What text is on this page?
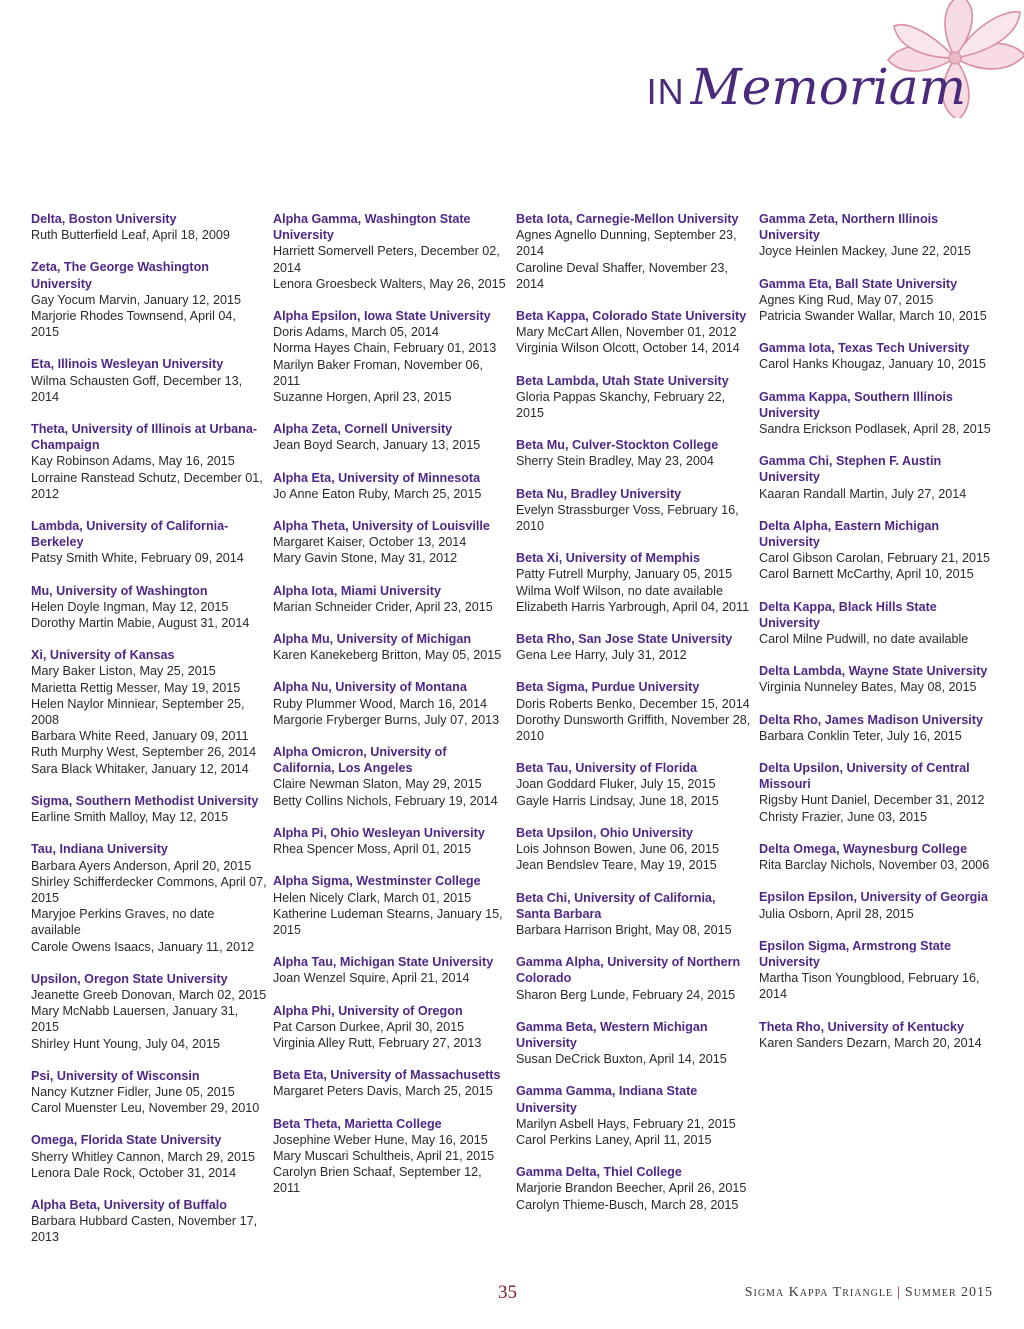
IN Memoriam
Delta, Boston University
Ruth Butterfield Leaf, April 18, 2009
Zeta, The George Washington University
Gay Yocum Marvin, January 12, 2015
Marjorie Rhodes Townsend, April 04, 2015
Eta, Illinois Wesleyan University
Wilma Schausten Goff, December 13, 2014
Theta, University of Illinois at Urbana-Champaign
Kay Robinson Adams, May 16, 2015
Lorraine Ranstead Schutz, December 01, 2012
Lambda, University of California-Berkeley
Patsy Smith White, February 09, 2014
Mu, University of Washington
Helen Doyle Ingman, May 12, 2015
Dorothy Martin Mabie, August 31, 2014
Xi, University of Kansas
Mary Baker Liston, May 25, 2015
Marietta Rettig Messer, May 19, 2015
Helen Naylor Minniear, September 25, 2008
Barbara White Reed, January 09, 2011
Ruth Murphy West, September 26, 2014
Sara Black Whitaker, January 12, 2014
Sigma, Southern Methodist University
Earline Smith Malloy, May 12, 2015
Tau, Indiana University
Barbara Ayers Anderson, April 20, 2015
Shirley Schifferdecker Commons, April 07, 2015
Maryjoe Perkins Graves, no date available
Carole Owens Isaacs, January 11, 2012
Upsilon, Oregon State University
Jeanette Greeb Donovan, March 02, 2015
Mary McNabb Lauersen, January 31, 2015
Shirley Hunt Young, July 04, 2015
Psi, University of Wisconsin
Nancy Kutzner Fidler, June 05, 2015
Carol Muenster Leu, November 29, 2010
Omega, Florida State University
Sherry Whitley Cannon, March 29, 2015
Lenora Dale Rock, October 31, 2014
Alpha Beta, University of Buffalo
Barbara Hubbard Casten, November 17, 2013
Alpha Gamma, Washington State University
Harriett Somervell Peters, December 02, 2014
Lenora Groesbeck Walters, May 26, 2015
Alpha Epsilon, Iowa State University
Doris Adams, March 05, 2014
Norma Hayes Chain, February 01, 2013
Marilyn Baker Froman, November 06, 2011
Suzanne Horgen, April 23, 2015
Alpha Zeta, Cornell University
Jean Boyd Search, January 13, 2015
Alpha Eta, University of Minnesota
Jo Anne Eaton Ruby, March 25, 2015
Alpha Theta, University of Louisville
Margaret Kaiser, October 13, 2014
Mary Gavin Stone, May 31, 2012
Alpha Iota, Miami University
Marian Schneider Crider, April 23, 2015
Alpha Mu, University of Michigan
Karen Kanekeberg Britton, May 05, 2015
Alpha Nu, University of Montana
Ruby Plummer Wood, March 16, 2014
Margorie Fryberger Burns, July 07, 2013
Alpha Omicron, University of California, Los Angeles
Claire Newman Slaton, May 29, 2015
Betty Collins Nichols, February 19, 2014
Alpha Pi, Ohio Wesleyan University
Rhea Spencer Moss, April 01, 2015
Alpha Sigma, Westminster College
Helen Nicely Clark, March 01, 2015
Katherine Ludeman Stearns, January 15, 2015
Alpha Tau, Michigan State University
Joan Wenzel Squire, April 21, 2014
Alpha Phi, University of Oregon
Pat Carson Durkee, April 30, 2015
Virginia Alley Rutt, February 27, 2013
Beta Eta, University of Massachusetts
Margaret Peters Davis, March 25, 2015
Beta Theta, Marietta College
Josephine Weber Hune, May 16, 2015
Mary Muscari Schultheis, April 21, 2015
Carolyn Brien Schaaf, September 12, 2011
Beta Iota, Carnegie-Mellon University
Agnes Agnello Dunning, September 23, 2014
Caroline Deval Shaffer, November 23, 2014
Beta Kappa, Colorado State University
Mary McCart Allen, November 01, 2012
Virginia Wilson Olcott, October 14, 2014
Beta Lambda, Utah State University
Gloria Pappas Skanchy, February 22, 2015
Beta Mu, Culver-Stockton College
Sherry Stein Bradley, May 23, 2004
Beta Nu, Bradley University
Evelyn Strassburger Voss, February 16, 2010
Beta Xi, University of Memphis
Patty Futrell Murphy, January 05, 2015
Wilma Wolf Wilson, no date available
Elizabeth Harris Yarbrough, April 04, 2011
Beta Rho, San Jose State University
Gena Lee Harry, July 31, 2012
Beta Sigma, Purdue University
Doris Roberts Benko, December 15, 2014
Dorothy Dunsworth Griffith, November 28, 2010
Beta Tau, University of Florida
Joan Goddard Fluker, July 15, 2015
Gayle Harris Lindsay, June 18, 2015
Beta Upsilon, Ohio University
Lois Johnson Bowen, June 06, 2015
Jean Bendslev Teare, May 19, 2015
Beta Chi, University of California, Santa Barbara
Barbara Harrison Bright, May 08, 2015
Gamma Alpha, University of Northern Colorado
Sharon Berg Lunde, February 24, 2015
Gamma Beta, Western Michigan University
Susan DeCrick Buxton, April 14, 2015
Gamma Gamma, Indiana State University
Marilyn Asbell Hays, February 21, 2015
Carol Perkins Laney, April 11, 2015
Gamma Delta, Thiel College
Marjorie Brandon Beecher, April 26, 2015
Carolyn Thieme-Busch, March 28, 2015
Gamma Zeta, Northern Illinois University
Joyce Heinlen Mackey, June 22, 2015
Gamma Eta, Ball State University
Agnes King Rud, May 07, 2015
Patricia Swander Wallar, March 10, 2015
Gamma Iota, Texas Tech University
Carol Hanks Khougaz, January 10, 2015
Gamma Kappa, Southern Illinois University
Sandra Erickson Podlasek, April 28, 2015
Gamma Chi, Stephen F. Austin University
Kaaran Randall Martin, July 27, 2014
Delta Alpha, Eastern Michigan University
Carol Gibson Carolan, February 21, 2015
Carol Barnett McCarthy, April 10, 2015
Delta Kappa, Black Hills State University
Carol Milne Pudwill, no date available
Delta Lambda, Wayne State University
Virginia Nunneley Bates, May 08, 2015
Delta Rho, James Madison University
Barbara Conklin Teter, July 16, 2015
Delta Upsilon, University of Central Missouri
Rigsby Hunt Daniel, December 31, 2012
Christy Frazier, June 03, 2015
Delta Omega, Waynesburg College
Rita Barclay Nichols, November 03, 2006
Epsilon Epsilon, University of Georgia
Julia Osborn, April 28, 2015
Epsilon Sigma, Armstrong State University
Martha Tison Youngblood, February 16, 2014
Theta Rho, University of Kentucky
Karen Sanders Dezarn, March 20, 2014
35	Sigma Kappa Triangle | Summer 2015
